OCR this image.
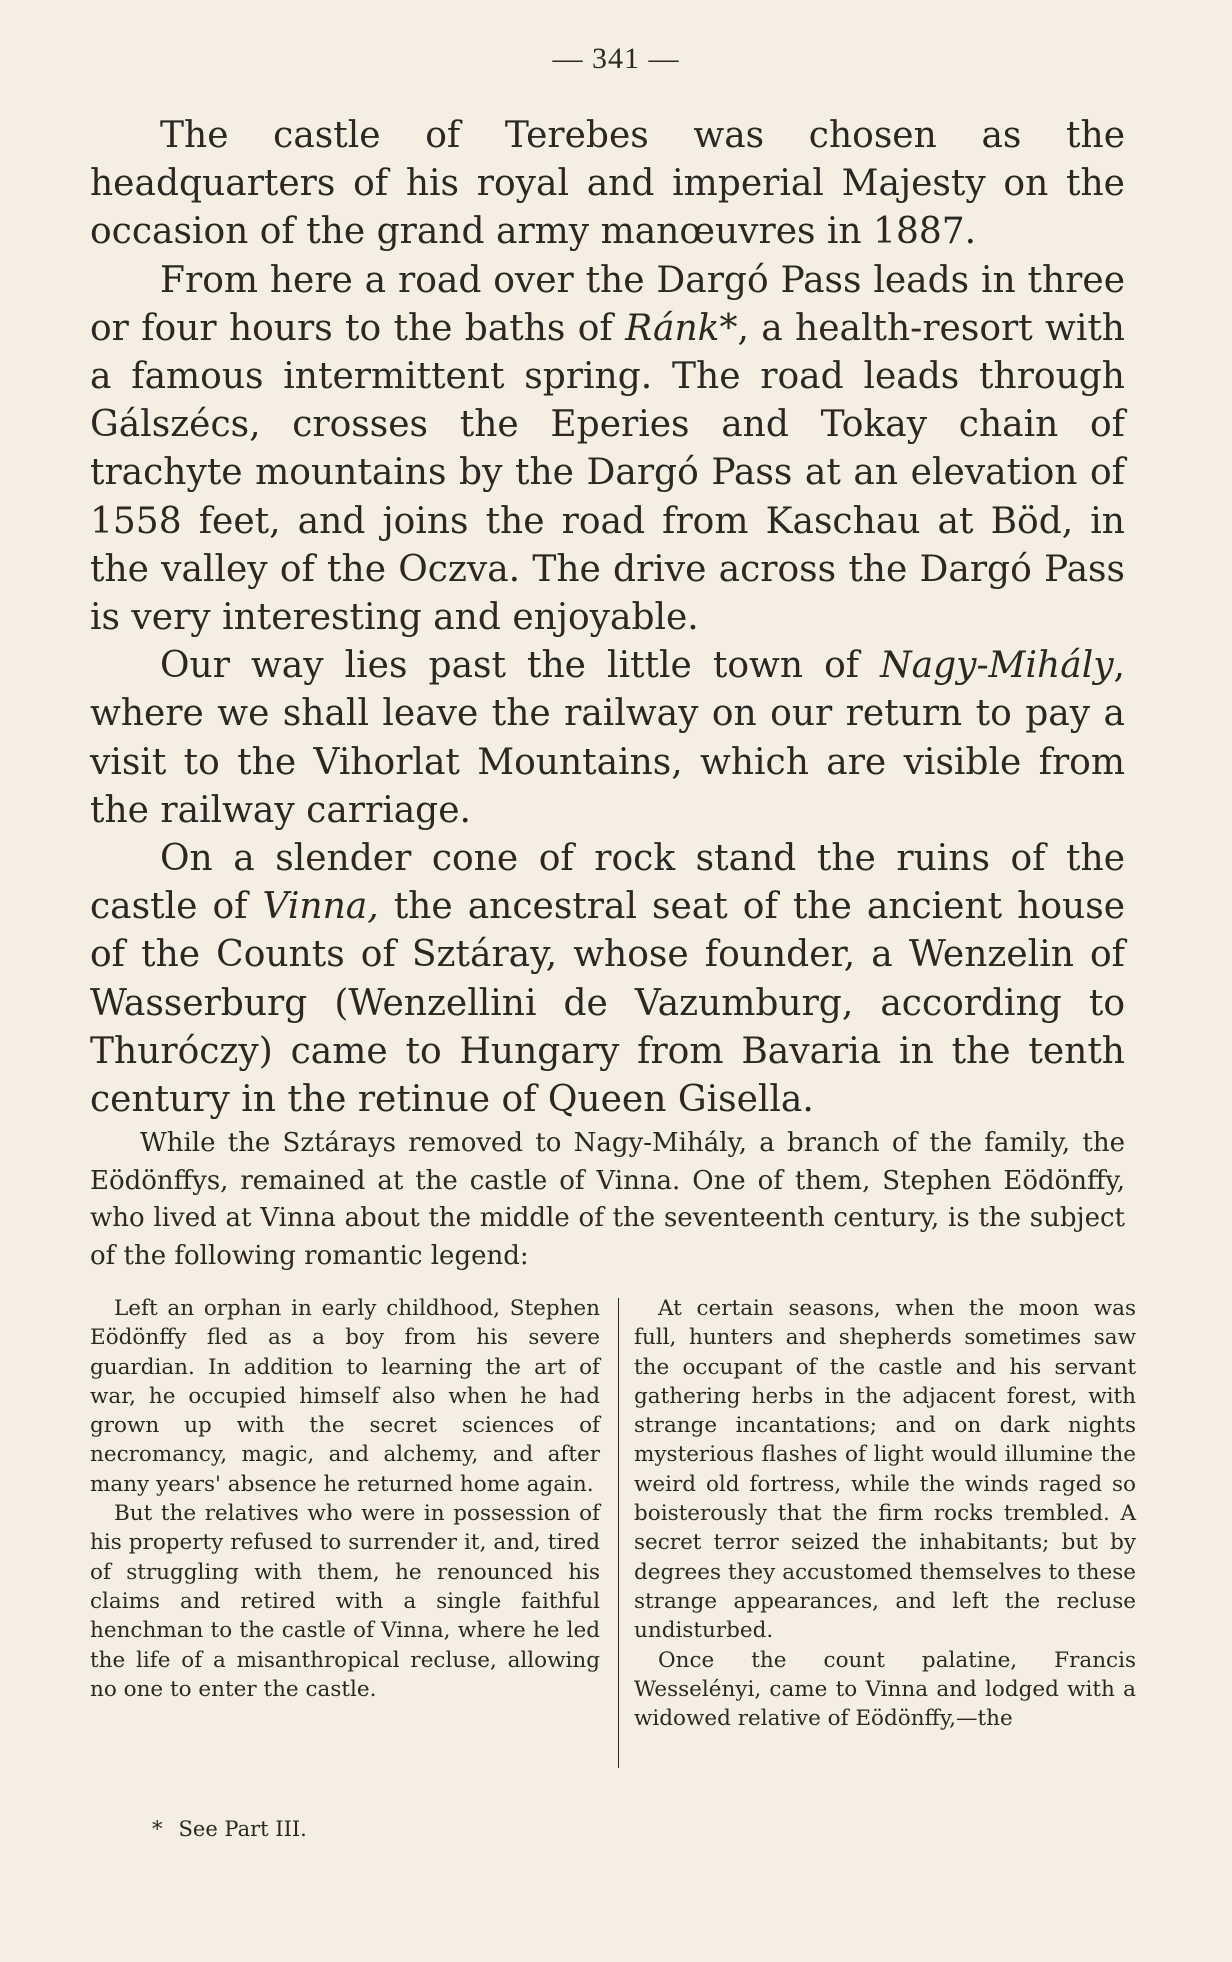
— 341 —

The castle of Terebes was chosen as the headquarters of his royal and imperial Majesty on the occasion of the grand army manœuvres in 1887.

From here a road over the Dargó Pass leads in three or four hours to the baths of Ránk*, a health-resort with a famous intermittent spring. The road leads through Gálszécs, crosses the Eperies and Tokay chain of trachyte mountains by the Dargó Pass at an elevation of 1558 feet, and joins the road from Kaschau at Böd, in the valley of the Oczva. The drive across the Dargó Pass is very interesting and enjoyable.

Our way lies past the little town of Nagy-Mihály, where we shall leave the railway on our return to pay a visit to the Vihorlat Mountains, which are visible from the railway carriage.

On a slender cone of rock stand the ruins of the castle of Vinna, the ancestral seat of the ancient house of the Counts of Sztáray, whose founder, a Wenzelin of Wasserburg (Wenzellini de Vazumburg, according to Thuróczy) came to Hungary from Bavaria in the tenth century in the retinue of Queen Gisella.

While the Sztárays removed to Nagy-Mihály, a branch of the family, the Eödönffys, remained at the castle of Vinna. One of them, Stephen Eödönffy, who lived at Vinna about the middle of the seventeenth century, is the subject of the following romantic legend:

Left an orphan in early childhood, Stephen Eödönffy fled as a boy from his severe guardian. In addition to learning the art of war, he occupied himself also when he had grown up with the secret sciences of necromancy, magic, and alchemy, and after many years' absence he returned home again.

But the relatives who were in possession of his property refused to surrender it, and, tired of struggling with them, he renounced his claims and retired with a single faithful henchman to the castle of Vinna, where he led the life of a misanthropical recluse, allowing no one to enter the castle.

At certain seasons, when the moon was full, hunters and shepherds sometimes saw the occupant of the castle and his servant gathering herbs in the adjacent forest, with strange incantations; and on dark nights mysterious flashes of light would illumine the weird old fortress, while the winds raged so boisterously that the firm rocks trembled. A secret terror seized the inhabitants; but by degrees they accustomed themselves to these strange appearances, and left the recluse undisturbed.

Once the count palatine, Francis Wesselényi, came to Vinna and lodged with a widowed relative of Eödönffy,—the

* See Part III.
